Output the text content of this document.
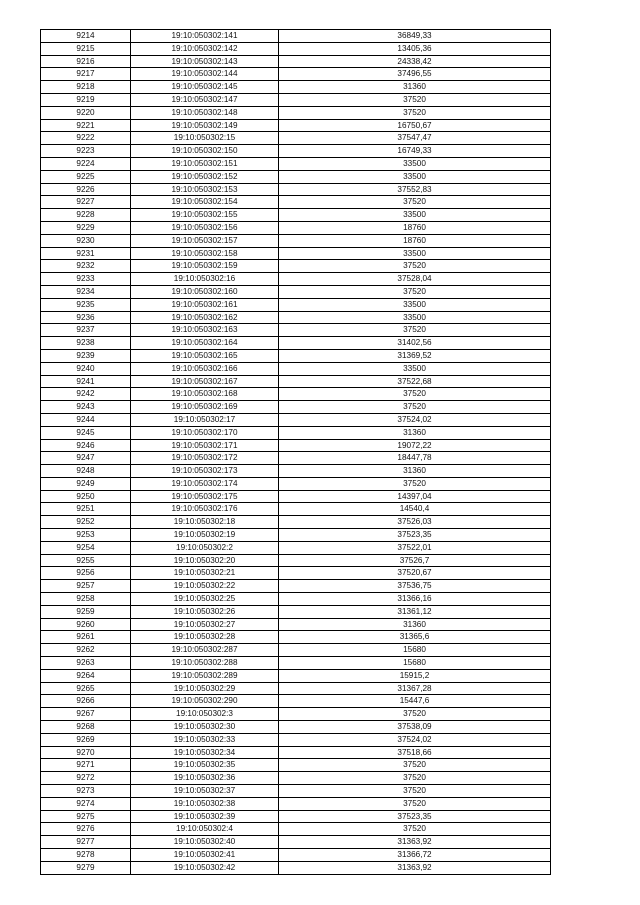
9214	19:10:050302:141	36849,33
9215	19:10:050302:142	13405,36
9216	19:10:050302:143	24338,42
9217	19:10:050302:144	37496,55
9218	19:10:050302:145	31360
9219	19:10:050302:147	37520
9220	19:10:050302:148	37520
9221	19:10:050302:149	16750,67
9222	19:10:050302:15	37547,47
9223	19:10:050302:150	16749,33
9224	19:10:050302:151	33500
9225	19:10:050302:152	33500
9226	19:10:050302:153	37552,83
9227	19:10:050302:154	37520
9228	19:10:050302:155	33500
9229	19:10:050302:156	18760
9230	19:10:050302:157	18760
9231	19:10:050302:158	33500
9232	19:10:050302:159	37520
9233	19:10:050302:16	37528,04
9234	19:10:050302:160	37520
9235	19:10:050302:161	33500
9236	19:10:050302:162	33500
9237	19:10:050302:163	37520
9238	19:10:050302:164	31402,56
9239	19:10:050302:165	31369,52
9240	19:10:050302:166	33500
9241	19:10:050302:167	37522,68
9242	19:10:050302:168	37520
9243	19:10:050302:169	37520
9244	19:10:050302:17	37524,02
9245	19:10:050302:170	31360
9246	19:10:050302:171	19072,22
9247	19:10:050302:172	18447,78
9248	19:10:050302:173	31360
9249	19:10:050302:174	37520
9250	19:10:050302:175	14397,04
9251	19:10:050302:176	14540,4
9252	19:10:050302:18	37526,03
9253	19:10:050302:19	37523,35
9254	19:10:050302:2	37522,01
9255	19:10:050302:20	37526,7
9256	19:10:050302:21	37520,67
9257	19:10:050302:22	37536,75
9258	19:10:050302:25	31366,16
9259	19:10:050302:26	31361,12
9260	19:10:050302:27	31360
9261	19:10:050302:28	31365,6
9262	19:10:050302:287	15680
9263	19:10:050302:288	15680
9264	19:10:050302:289	15915,2
9265	19:10:050302:29	31367,28
9266	19:10:050302:290	15447,6
9267	19:10:050302:3	37520
9268	19:10:050302:30	37538,09
9269	19:10:050302:33	37524,02
9270	19:10:050302:34	37518,66
9271	19:10:050302:35	37520
9272	19:10:050302:36	37520
9273	19:10:050302:37	37520
9274	19:10:050302:38	37520
9275	19:10:050302:39	37523,35
9276	19:10:050302:4	37520
9277	19:10:050302:40	31363,92
9278	19:10:050302:41	31366,72
9279	19:10:050302:42	31363,92
